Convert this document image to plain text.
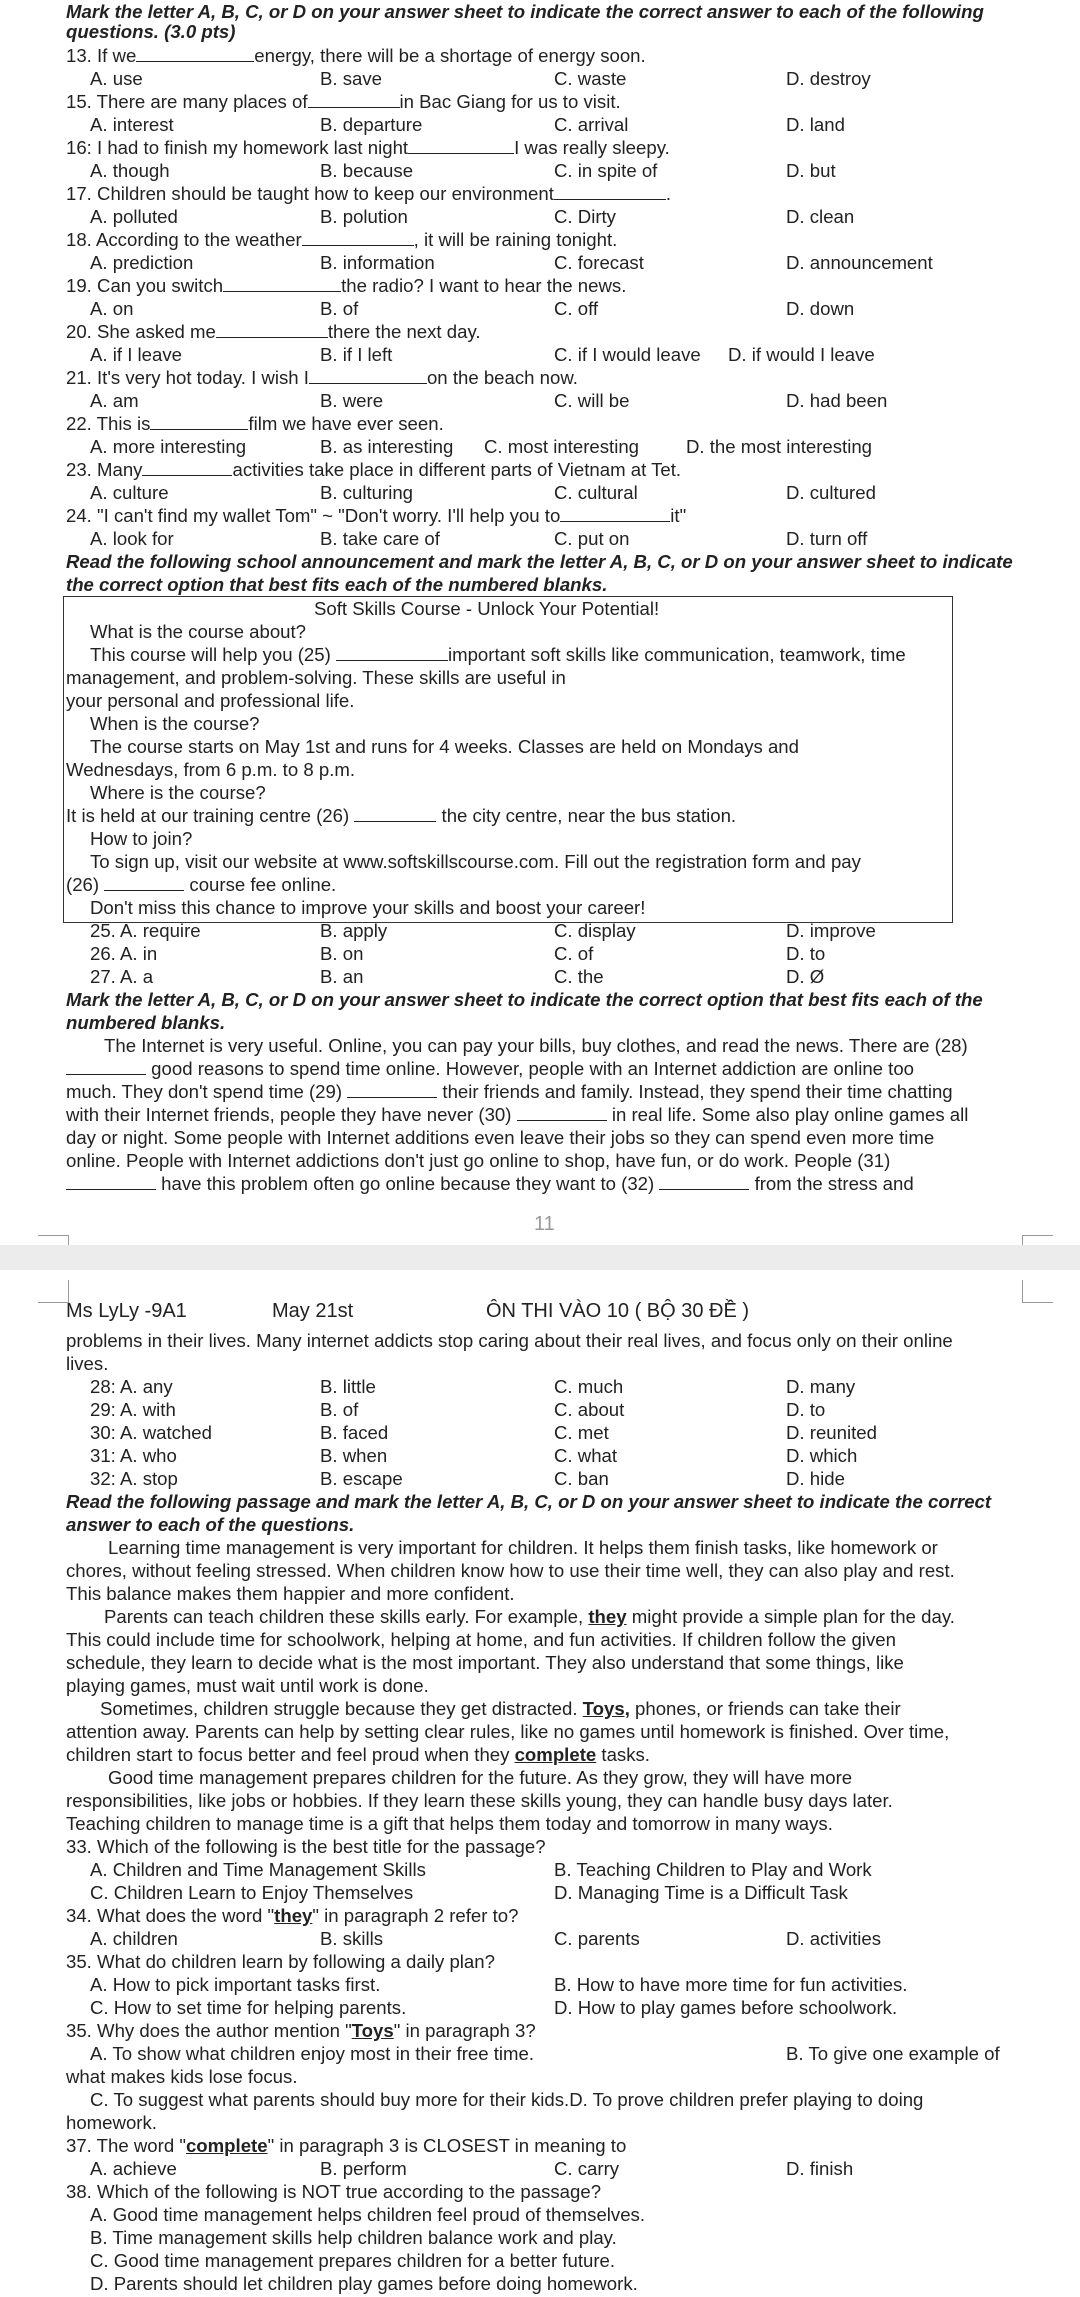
Mark the letter A, B, C, or D on your answer sheet to indicate the correct answer to each of the following
questions. (3.0 pts)
13. If we	energy, there will be a shortage of energy soon.
A. use	B. save	C. waste	D. destroy
15. There are many places of	in Bac Giang for us to visit.
A. interest	B. departure	C. arrival	D. land
16: I had to finish my homework last night	I was really sleepy.
A. though	B. because	C. in spite of	D. but
17. Children should be taught how to keep our environment	.
A. polluted	B. polution	C. Dirty	D. clean
18. According to the weather	, it will be raining tonight.
A. prediction	B. information	C. forecast	D. announcement
19. Can you switch	the radio? I want to hear the news.
A. on	B. of	C. off	D. down
20. She asked me	there the next day.
A. if I leave	B. if I left	C. if I would leave D. if would I leave
21. It's very hot today. I wish I	on the beach now.
A. am	B. were	C. will be	D. had been
22. This is	film we have ever seen.
A. more interesting	B. as interesting C. most interesting	D. the most interesting
23. Many	activities take place in different parts of Vietnam at Tet.
A. culture	B. culturing	C. cultural	D. cultured
24. "I can't find my wallet Tom" ~ "Don't worry. I'll help you to	it"
A. look for	B. take care of	C. put on	D. turn off
Read the following school announcement and mark the letter A, B, C, or D on your answer sheet to indicate
the correct option that best fits each of the numbered blanks.
Soft Skills Course - Unlock Your Potential!
What is the course about?
This course will help you (25)	important soft skills like communication, teamwork, time
management, and problem-solving. These skills are useful in
your personal and professional life.
When is the course?
The course starts on May 1st and runs for 4 weeks. Classes are held on Mondays and
Wednesdays, from 6 p.m. to 8 p.m.
Where is the course?
It is held at our training centre (26)	the city centre, near the bus station.
How to join?
To sign up, visit our website at www.softskillscourse.com. Fill out the registration form and pay
(26)	course fee online.
Don't miss this chance to improve your skills and boost your career!
25. A. require	B. apply	C. display	D. improve
26. A. in	B. on	C. of	D. to
27. A. a	B. an	C. the	D. Ø
Mark the letter A, B, C, or D on your answer sheet to indicate the correct option that best fits each of the
numbered blanks.
The Internet is very useful. Online, you can pay your bills, buy clothes, and read the news. There are (28)
good reasons to spend time online. However, people with an Internet addiction are online too
much. They don't spend time (29)	their friends and family. Instead, they spend their time chatting
with their Internet friends, people they have never (30)	in real life. Some also play online games all
day or night. Some people with Internet additions even leave their jobs so they can spend even more time
online. People with Internet addictions don't just go online to shop, have fun, or do work. People (31)
have this problem often go online because they want to (32)	from the stress and
11
Ms LyLy -9A1	May 21st	ÔN THI VÀO 10 ( BỘ 30 ĐỀ )
problems in their lives. Many internet addicts stop caring about their real lives, and focus only on their online
lives.
28: A. any	B. little	C. much	D. many
29: A. with	B. of	C. about	D. to
30: A. watched	B. faced	C. met	D. reunited
31: A. who	B. when	C. what	D. which
32: A. stop	B. escape	C. ban	D. hide
Read the following passage and mark the letter A, B, C, or D on your answer sheet to indicate the correct
answer to each of the questions.
Learning time management is very important for children. It helps them finish tasks, like homework or
chores, without feeling stressed. When children know how to use their time well, they can also play and rest.
This balance makes them happier and more confident.
Parents can teach children these skills early. For example, they might provide a simple plan for the day.
This could include time for schoolwork, helping at home, and fun activities. If children follow the given
schedule, they learn to decide what is the most important. They also understand that some things, like
playing games, must wait until work is done.
Sometimes, children struggle because they get distracted. Toys, phones, or friends can take their
attention away. Parents can help by setting clear rules, like no games until homework is finished. Over time,
children start to focus better and feel proud when they complete tasks.
Good time management prepares children for the future. As they grow, they will have more
responsibilities, like jobs or hobbies. If they learn these skills young, they can handle busy days later.
Teaching children to manage time is a gift that helps them today and tomorrow in many ways.
33. Which of the following is the best title for the passage?
A. Children and Time Management Skills	B. Teaching Children to Play and Work
C. Children Learn to Enjoy Themselves	D. Managing Time is a Difficult Task
34. What does the word "they" in paragraph 2 refer to?
A. children	B. skills	C. parents	D. activities
35. What do children learn by following a daily plan?
A. How to pick important tasks first.	B. How to have more time for fun activities.
C. How to set time for helping parents.	D. How to play games before schoolwork.
35. Why does the author mention "Toys" in paragraph 3?
A. To show what children enjoy most in their free time.	B. To give one example of
what makes kids lose focus.
C. To suggest what parents should buy more for their kids.D. To prove children prefer playing to doing
homework.
37. The word "complete" in paragraph 3 is CLOSEST in meaning to
A. achieve	B. perform	C. carry	D. finish
38. Which of the following is NOT true according to the passage?
A. Good time management helps children feel proud of themselves.
B. Time management skills help children balance work and play.
C. Good time management prepares children for a better future.
D. Parents should let children play games before doing homework.
